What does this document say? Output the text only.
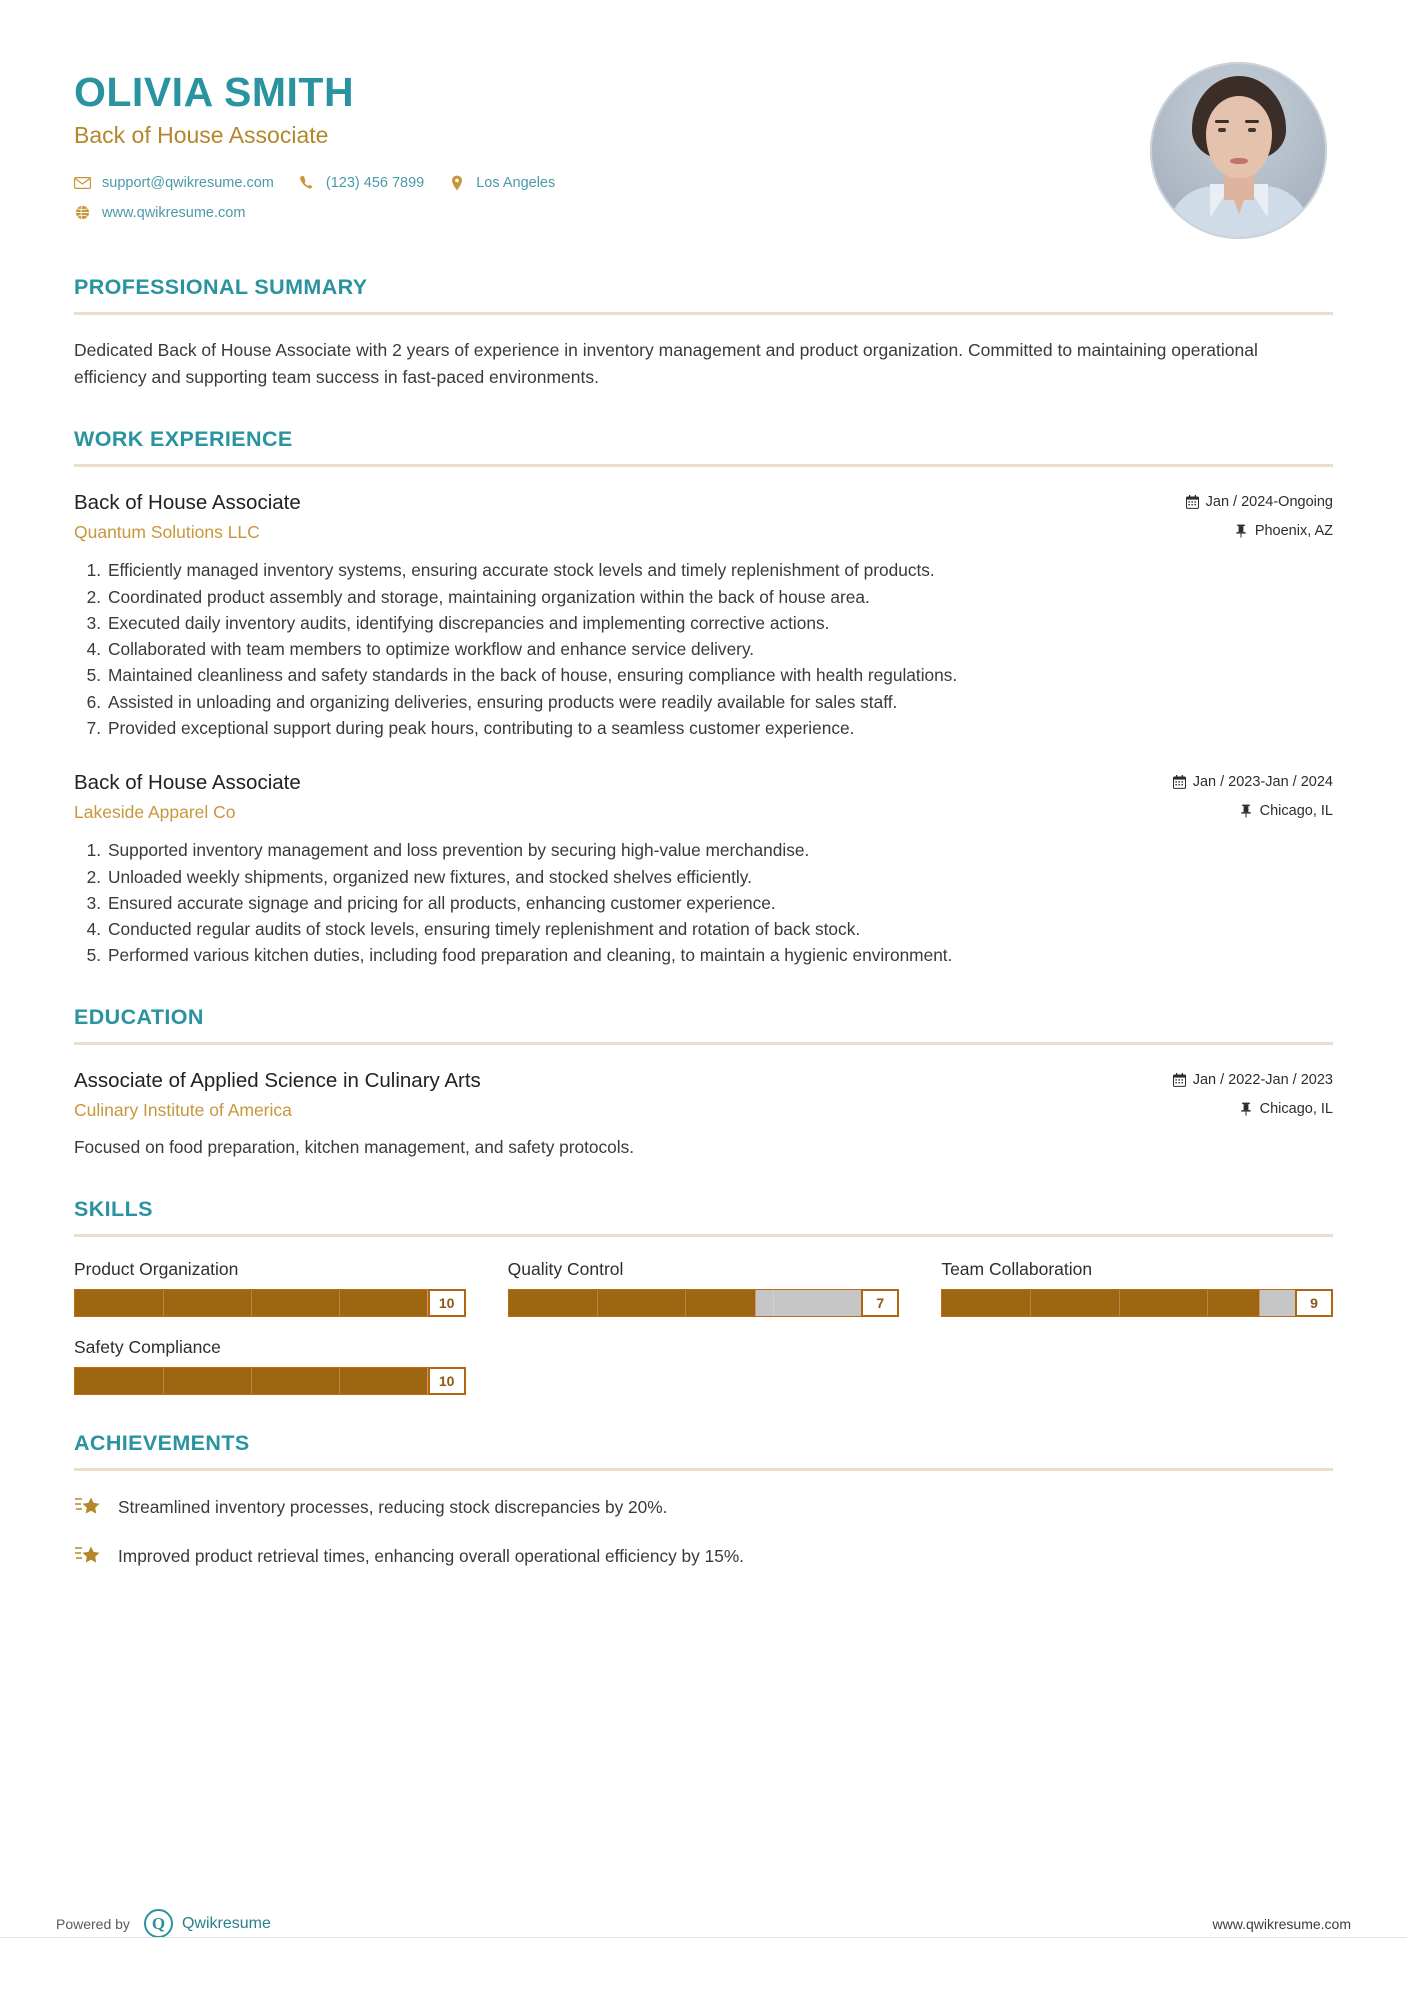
OLIVIA SMITH
Back of House Associate
support@qwikresume.com	(123) 456 7899	Los Angeles
www.qwikresume.com
PROFESSIONAL SUMMARY
Dedicated Back of House Associate with 2 years of experience in inventory management and product organization. Committed to maintaining operational efficiency and supporting team success in fast-paced environments.
WORK EXPERIENCE
Back of House Associate	Jan / 2024-Ongoing
Quantum Solutions LLC	Phoenix, AZ
1. Efficiently managed inventory systems, ensuring accurate stock levels and timely replenishment of products.
2. Coordinated product assembly and storage, maintaining organization within the back of house area.
3. Executed daily inventory audits, identifying discrepancies and implementing corrective actions.
4. Collaborated with team members to optimize workflow and enhance service delivery.
5. Maintained cleanliness and safety standards in the back of house, ensuring compliance with health regulations.
6. Assisted in unloading and organizing deliveries, ensuring products were readily available for sales staff.
7. Provided exceptional support during peak hours, contributing to a seamless customer experience.
Back of House Associate	Jan / 2023-Jan / 2024
Lakeside Apparel Co	Chicago, IL
1. Supported inventory management and loss prevention by securing high-value merchandise.
2. Unloaded weekly shipments, organized new fixtures, and stocked shelves efficiently.
3. Ensured accurate signage and pricing for all products, enhancing customer experience.
4. Conducted regular audits of stock levels, ensuring timely replenishment and rotation of back stock.
5. Performed various kitchen duties, including food preparation and cleaning, to maintain a hygienic environment.
EDUCATION
Associate of Applied Science in Culinary Arts	Jan / 2022-Jan / 2023
Culinary Institute of America	Chicago, IL
Focused on food preparation, kitchen management, and safety protocols.
SKILLS
Product Organization
10
Quality Control
7
Team Collaboration
9
Safety Compliance
10
ACHIEVEMENTS
Streamlined inventory processes, reducing stock discrepancies by 20%.
Improved product retrieval times, enhancing overall operational efficiency by 15%.
Powered by	Q	Qwikresume	www.qwikresume.com
